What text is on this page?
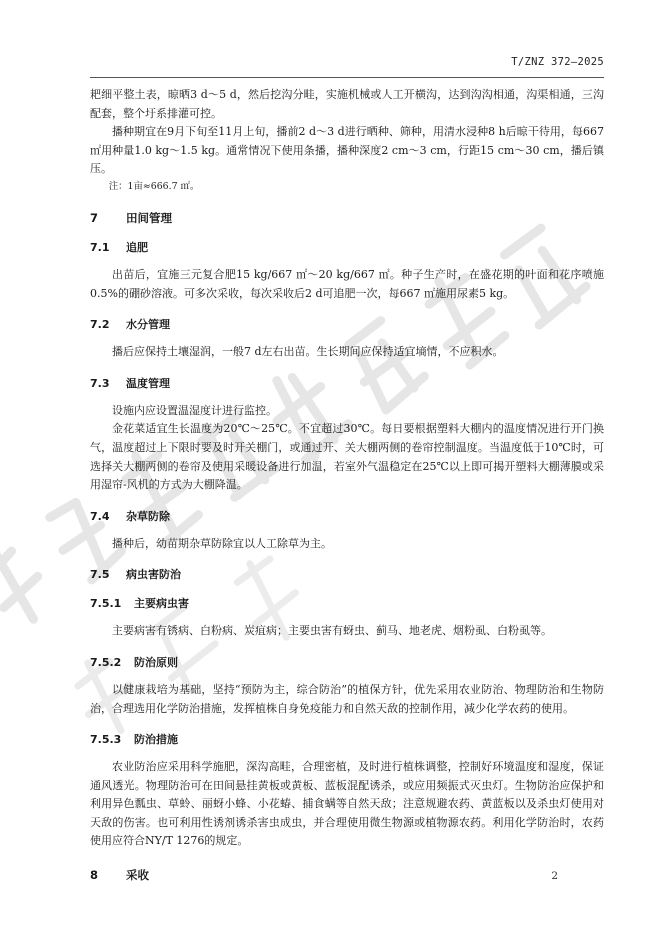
T/ZNZ 372—2025

耙细平整土表，晾晒3 d～5 d，然后挖沟分畦，实施机械或人工开横沟，达到沟沟相通，沟渠相通，三沟配套，整个圩系排灌可控。

播种期宜在9月下旬至11月上旬，播前2 d～3 d进行晒种、筛种，用清水浸种8 h后晾干待用，每667㎡用种量1.0 kg～1.5 kg。通常情况下使用条播，播种深度2 cm～3 cm，行距15 cm～30 cm，播后镇压。

注：1亩≈666.7 ㎡。

7 田间管理
7.1 追肥

出苗后，宜施三元复合肥15 kg/667 ㎡～20 kg/667 ㎡。种子生产时，在盛花期的叶面和花序喷施0.5%的硼砂溶液。可多次采收，每次采收后2 d可追肥一次，每667 ㎡施用尿素5 kg。

7.2 水分管理

播后应保持土壤湿润，一般7 d左右出苗。生长期间应保持适宜墒情，不应积水。

7.3 温度管理

设施内应设置温湿度计进行监控。

金花菜适宜生长温度为20℃～25℃。不宜超过30℃。每日要根据塑料大棚内的温度情况进行开门换气，温度超过上下限时要及时开关棚门，或通过开、关大棚两侧的卷帘控制温度。当温度低于10℃时，可选择关大棚两侧的卷帘及使用采暖设备进行加温，若室外气温稳定在25℃以上即可揭开塑料大棚薄膜或采用湿帘-风机的方式为大棚降温。

7.4 杂草防除

播种后，幼苗期杂草防除宜以人工除草为主。

7.5 病虫害防治
7.5.1 主要病虫害

主要病害有锈病、白粉病、炭疽病；主要虫害有蚜虫、蓟马、地老虎、烟粉虱、白粉虱等。

7.5.2 防治原则

以健康栽培为基础，坚持“预防为主，综合防治”的植保方针，优先采用农业防治、物理防治和生物防治，合理选用化学防治措施，发挥植株自身免疫能力和自然天敌的控制作用，减少化学农药的使用。

7.5.3 防治措施

农业防治应采用科学施肥，深沟高畦，合理密植，及时进行植株调整，控制好环境温度和湿度，保证通风透光。物理防治可在田间悬挂黄板或黄板、蓝板混配诱杀，或应用频振式灭虫灯。生物防治应保护和利用异色瓢虫、草蛉、丽蚜小蜂、小花蝽、捕食螨等自然天敌；注意规避农药、黄蓝板以及杀虫灯使用对天敌的伤害。也可利用性诱剂诱杀害虫成虫，并合理使用微生物源或植物源农药。利用化学防治时，农药使用应符合NY/T 1276的规定。

8 采收	2
